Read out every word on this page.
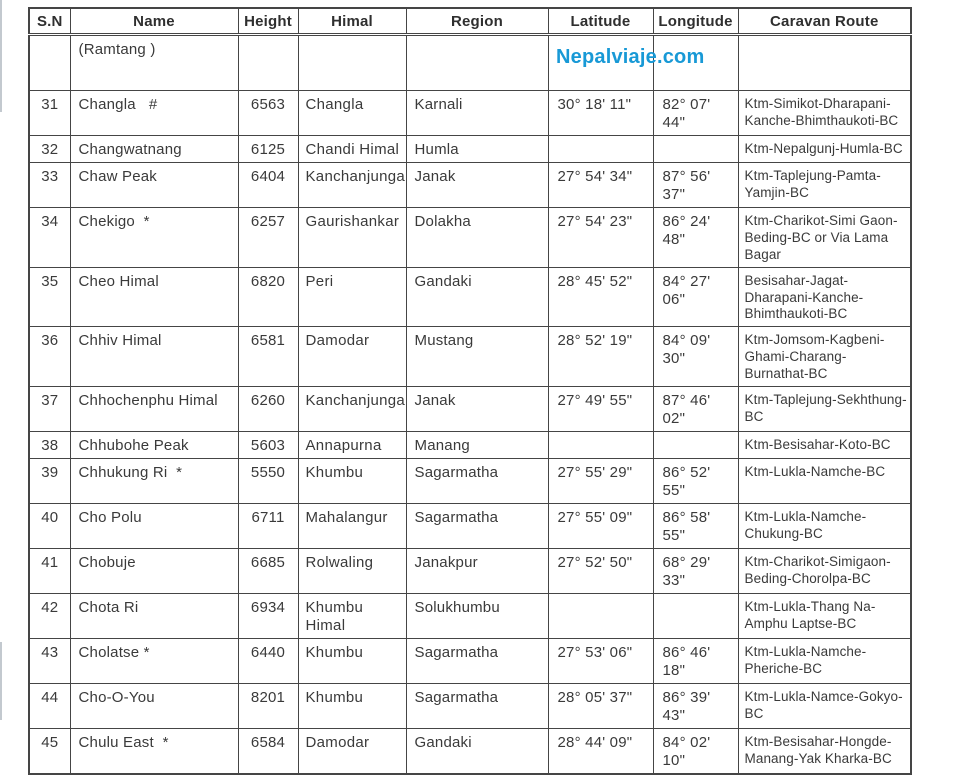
S.N	Name	Height	Himal	Region	Latitude	Longitude	Caravan Route
	(Ramtang )						
31	Changla   #	6563	Changla	Karnali	30° 18' 11"	82° 07' 44"	Ktm-Simikot-Dharapani-Kanche-Bhimthaukoti-BC
32	Changwatnang	6125	Chandi Himal	Humla			Ktm-Nepalgunj-Humla-BC
33	Chaw Peak	6404	Kanchanjunga	Janak	27° 54' 34"	87° 56' 37"	Ktm-Taplejung-Pamta-Yamjin-BC
34	Chekigo  *	6257	Gaurishankar	Dolakha	27° 54' 23"	86° 24' 48"	Ktm-Charikot-Simi Gaon-Beding-BC or Via Lama Bagar
35	Cheo Himal	6820	Peri	Gandaki	28° 45' 52"	84° 27' 06"	Besisahar-Jagat-Dharapani-Kanche-Bhimthaukoti-BC
36	Chhiv Himal	6581	Damodar	Mustang	28° 52' 19"	84° 09' 30"	Ktm-Jomsom-Kagbeni-Ghami-Charang-Burnathat-BC
37	Chhochenphu Himal	6260	Kanchanjunga	Janak	27° 49' 55"	87° 46' 02"	Ktm-Taplejung-Sekhthung-BC
38	Chhubohe Peak	5603	Annapurna	Manang			Ktm-Besisahar-Koto-BC
39	Chhukung Ri  *	5550	Khumbu	Sagarmatha	27° 55' 29"	86° 52' 55"	Ktm-Lukla-Namche-BC
40	Cho Polu	6711	Mahalangur	Sagarmatha	27° 55' 09"	86° 58' 55"	Ktm-Lukla-Namche-Chukung-BC
41	Chobuje	6685	Rolwaling	Janakpur	27° 52' 50"	68° 29' 33"	Ktm-Charikot-Simigaon-Beding-Chorolpa-BC
42	Chota Ri	6934	Khumbu Himal	Solukhumbu			Ktm-Lukla-Thang Na-Amphu Laptse-BC
43	Cholatse *	6440	Khumbu	Sagarmatha	27° 53' 06"	86° 46' 18"	Ktm-Lukla-Namche-Pheriche-BC
44	Cho-O-You	8201	Khumbu	Sagarmatha	28° 05' 37"	86° 39' 43"	Ktm-Lukla-Namce-Gokyo-BC
45	Chulu East  *	6584	Damodar	Gandaki	28° 44' 09"	84° 02' 10"	Ktm-Besisahar-Hongde-Manang-Yak Kharka-BC
Nepalviaje.com
